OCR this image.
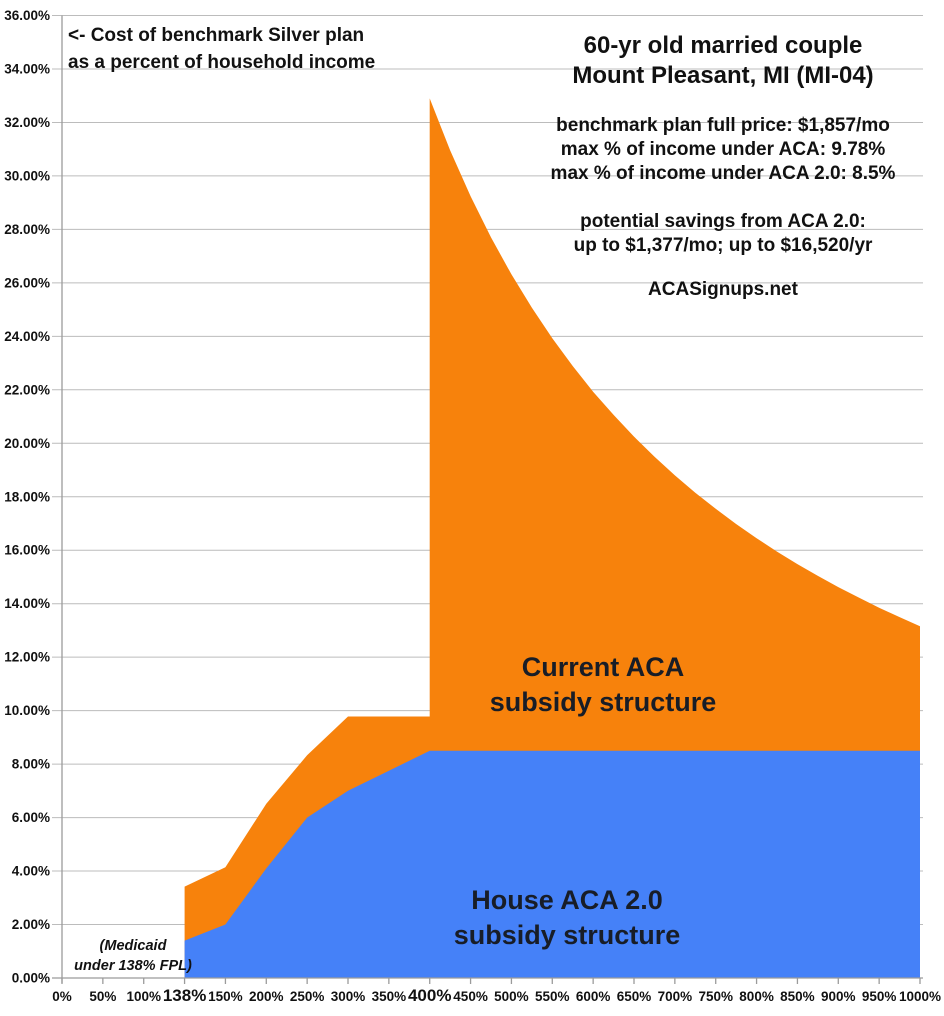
0.00%
2.00%
4.00%
6.00%
8.00%
10.00%
12.00%
14.00%
16.00%
18.00%
20.00%
22.00%
24.00%
26.00%
28.00%
30.00%
32.00%
34.00%
36.00%
0% 50% 100% 138% 150% 200% 250% 300% 350% 400% 450% 500% 550% 600% 650% 700% 750% 800% 850% 900% 950% 1000%
<- Cost of benchmark Silver plan
as a percent of household income
60-yr old married couple
Mount Pleasant, MI (MI-04)
benchmark plan full price: $1,857/mo
max % of income under ACA: 9.78%
max % of income under ACA 2.0: 8.5%
potential savings from ACA 2.0:
up to $1,377/mo; up to $16,520/yr
ACASignups.net
Current ACA
subsidy structure
House ACA 2.0
subsidy structure
(Medicaid
under 138% FPL)
